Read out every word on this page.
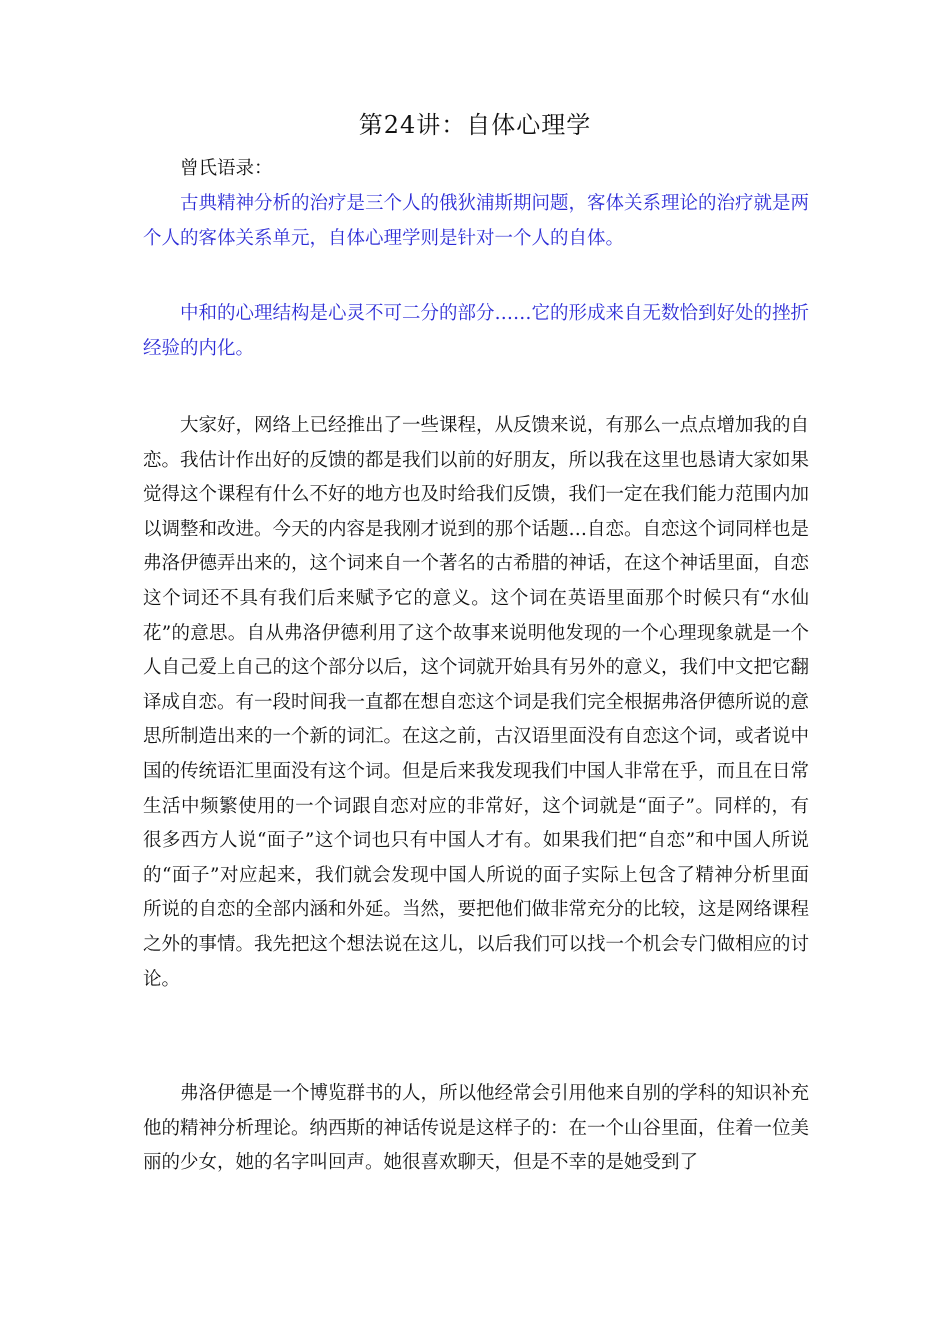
第24讲：自体心理学

曾氏语录：

古典精神分析的治疗是三个人的俄狄浦斯期问题，客体关系理论的治疗就是两个人的客体关系单元，自体心理学则是针对一个人的自体。

中和的心理结构是心灵不可二分的部分……它的形成来自无数恰到好处的挫折经验的内化。

大家好，网络上已经推出了一些课程，从反馈来说，有那么一点点增加我的自恋。我估计作出好的反馈的都是我们以前的好朋友，所以我在这里也恳请大家如果觉得这个课程有什么不好的地方也及时给我们反馈，我们一定在我们能力范围内加以调整和改进。今天的内容是我刚才说到的那个话题…自恋。自恋这个词同样也是弗洛伊德弄出来的，这个词来自一个著名的古希腊的神话，在这个神话里面，自恋这个词还不具有我们后来赋予它的意义。这个词在英语里面那个时候只有“水仙花”的意思。自从弗洛伊德利用了这个故事来说明他发现的一个心理现象就是一个人自己爱上自己的这个部分以后，这个词就开始具有另外的意义，我们中文把它翻译成自恋。有一段时间我一直都在想自恋这个词是我们完全根据弗洛伊德所说的意思所制造出来的一个新的词汇。在这之前，古汉语里面没有自恋这个词，或者说中国的传统语汇里面没有这个词。但是后来我发现我们中国人非常在乎，而且在日常生活中频繁使用的一个词跟自恋对应的非常好，这个词就是“面子”。同样的，有很多西方人说“面子”这个词也只有中国人才有。如果我们把“自恋”和中国人所说的“面子”对应起来，我们就会发现中国人所说的面子实际上包含了精神分析里面所说的自恋的全部内涵和外延。当然，要把他们做非常充分的比较，这是网络课程之外的事情。我先把这个想法说在这儿，以后我们可以找一个机会专门做相应的讨论。

弗洛伊德是一个博览群书的人，所以他经常会引用他来自别的学科的知识补充他的精神分析理论。纳西斯的神话传说是这样子的：在一个山谷里面，住着一位美丽的少女，她的名字叫回声。她很喜欢聊天，但是不幸的是她受到了
